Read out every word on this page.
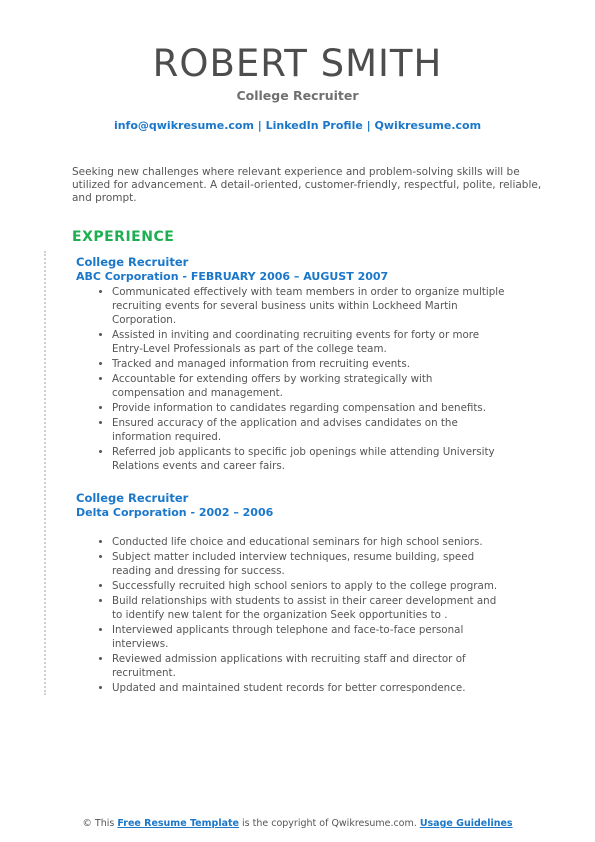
ROBERT SMITH
College Recruiter
info@qwikresume.com | LinkedIn Profile | Qwikresume.com
Seeking new challenges where relevant experience and problem-solving skills will be utilized for advancement. A detail-oriented, customer-friendly, respectful, polite, reliable, and prompt.
EXPERIENCE
College Recruiter
ABC Corporation - FEBRUARY 2006 – AUGUST 2007
• Communicated effectively with team members in order to organize multiple recruiting events for several business units within Lockheed Martin Corporation.
• Assisted in inviting and coordinating recruiting events for forty or more Entry-Level Professionals as part of the college team.
• Tracked and managed information from recruiting events.
• Accountable for extending offers by working strategically with compensation and management.
• Provide information to candidates regarding compensation and benefits.
• Ensured accuracy of the application and advises candidates on the information required.
• Referred job applicants to specific job openings while attending University Relations events and career fairs.
College Recruiter
Delta Corporation - 2002 – 2006
• Conducted life choice and educational seminars for high school seniors.
• Subject matter included interview techniques, resume building, speed reading and dressing for success.
• Successfully recruited high school seniors to apply to the college program.
• Build relationships with students to assist in their career development and to identify new talent for the organization Seek opportunities to .
• Interviewed applicants through telephone and face-to-face personal interviews.
• Reviewed admission applications with recruiting staff and director of recruitment.
• Updated and maintained student records for better correspondence.
© This Free Resume Template is the copyright of Qwikresume.com. Usage Guidelines
